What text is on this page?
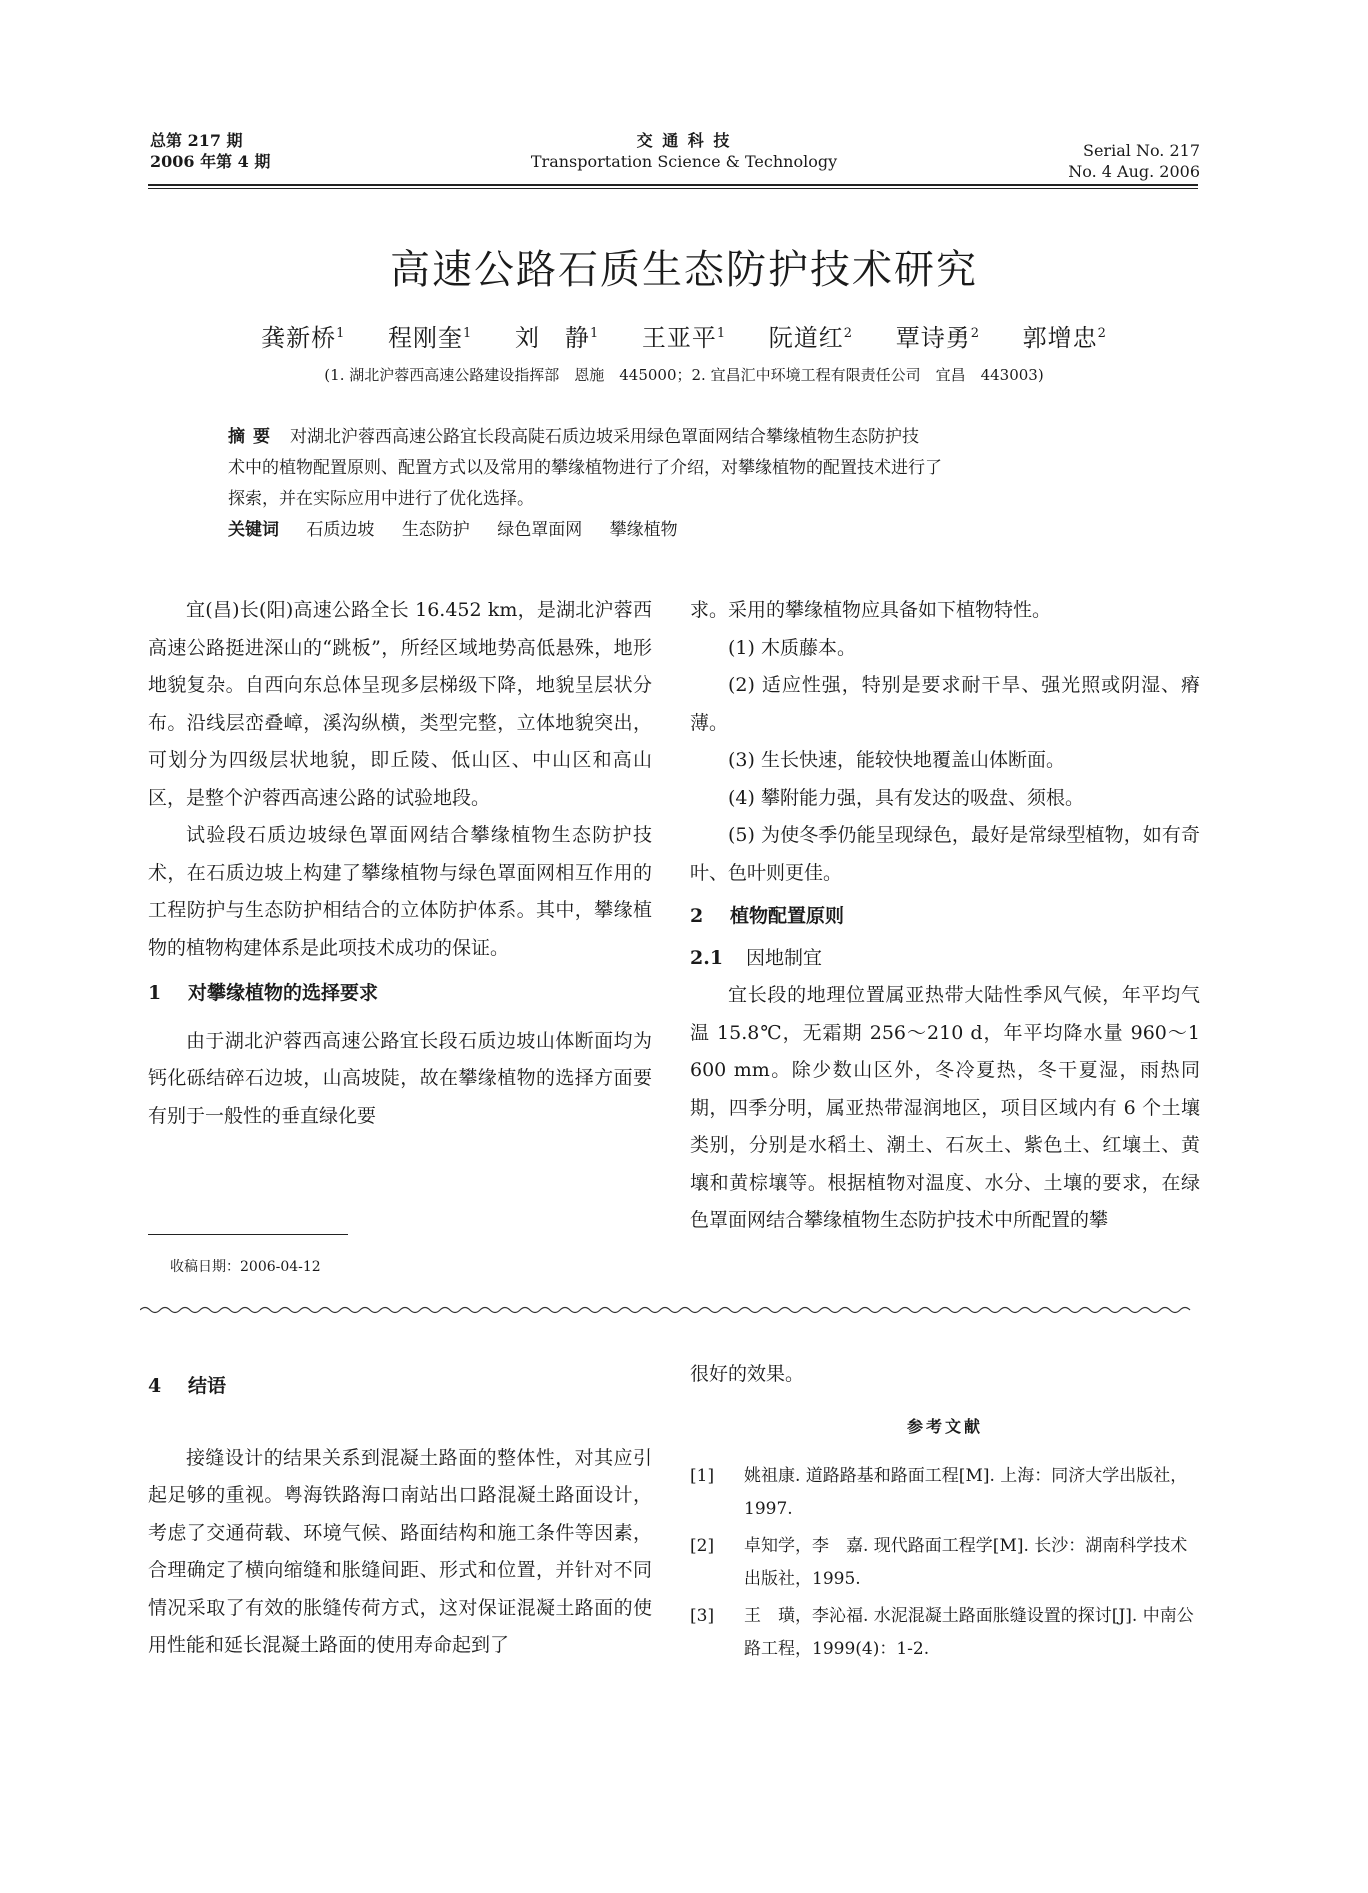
总第 217 期
2006 年第 4 期
交 通 科 技
Transportation Science & Technology
Serial No. 217
No. 4 Aug. 2006
高速公路石质生态防护技术研究
龚新桥$^1$ 程刚奎$^1$ 刘　静$^1$ 王亚平$^1$ 阮道红$^2$ 覃诗勇$^2$ 郭增忠$^2$
(1. 湖北沪蓉西高速公路建设指挥部　恩施　445000；2. 宜昌汇中环境工程有限责任公司　宜昌　443003)
摘要 对湖北沪蓉西高速公路宜长段高陡石质边坡采用绿色罩面网结合攀缘植物生态防护技
术中的植物配置原则、配置方式以及常用的攀缘植物进行了介绍，对攀缘植物的配置技术进行了
探索，并在实际应用中进行了优化选择。
关键词 石质边坡 生态防护 绿色罩面网 攀缘植物

宜(昌)长(阳)高速公路全长 16.452 km，是湖北沪蓉西高速公路挺进深山的“跳板”，所经区域地势高低悬殊，地形地貌复杂。自西向东总体呈现多层梯级下降，地貌呈层状分布。沿线层峦叠嶂，溪沟纵横，类型完整，立体地貌突出，可划分为四级层状地貌，即丘陵、低山区、中山区和高山区，是整个沪蓉西高速公路的试验地段。

试验段石质边坡绿色罩面网结合攀缘植物生态防护技术，在石质边坡上构建了攀缘植物与绿色罩面网相互作用的工程防护与生态防护相结合的立体防护体系。其中，攀缘植物的植物构建体系是此项技术成功的保证。

1 对攀缘植物的选择要求

由于湖北沪蓉西高速公路宜长段石质边坡山体断面均为钙化砾结碎石边坡，山高坡陡，故在攀缘植物的选择方面要有别于一般性的垂直绿化要

收稿日期：2006-04-12

求。采用的攀缘植物应具备如下植物特性。

(1) 木质藤本。

(2) 适应性强，特别是要求耐干旱、强光照或阴湿、瘠薄。

(3) 生长快速，能较快地覆盖山体断面。

(4) 攀附能力强，具有发达的吸盘、须根。

(5) 为使冬季仍能呈现绿色，最好是常绿型植物，如有奇叶、色叶则更佳。

2 植物配置原则

2.1 因地制宜

宜长段的地理位置属亚热带大陆性季风气候，年平均气温 15.8℃，无霜期 256～210 d，年平均降水量 960～1 600 mm。除少数山区外，冬冷夏热，冬干夏湿，雨热同期，四季分明，属亚热带湿润地区，项目区域内有 6 个土壤类别，分别是水稻土、潮土、石灰土、紫色土、红壤土、黄壤和黄棕壤等。根据植物对温度、水分、土壤的要求，在绿色罩面网结合攀缘植物生态防护技术中所配置的攀

4 结语

接缝设计的结果关系到混凝土路面的整体性，对其应引起足够的重视。粤海铁路海口南站出口路混凝土路面设计，考虑了交通荷载、环境气候、路面结构和施工条件等因素，合理确定了横向缩缝和胀缝间距、形式和位置，并针对不同情况采取了有效的胀缝传荷方式，这对保证混凝土路面的使用性能和延长混凝土路面的使用寿命起到了

很好的效果。

参考文献
[1] 姚祖康. 道路路基和路面工程[M]. 上海：同济大学出版社，1997.
[2] 卓知学，李　嘉. 现代路面工程学[M]. 长沙：湖南科学技术出版社，1995.
[3] 王　璜，李沁福. 水泥混凝土路面胀缝设置的探讨[J]. 中南公路工程，1999(4)：1-2.
